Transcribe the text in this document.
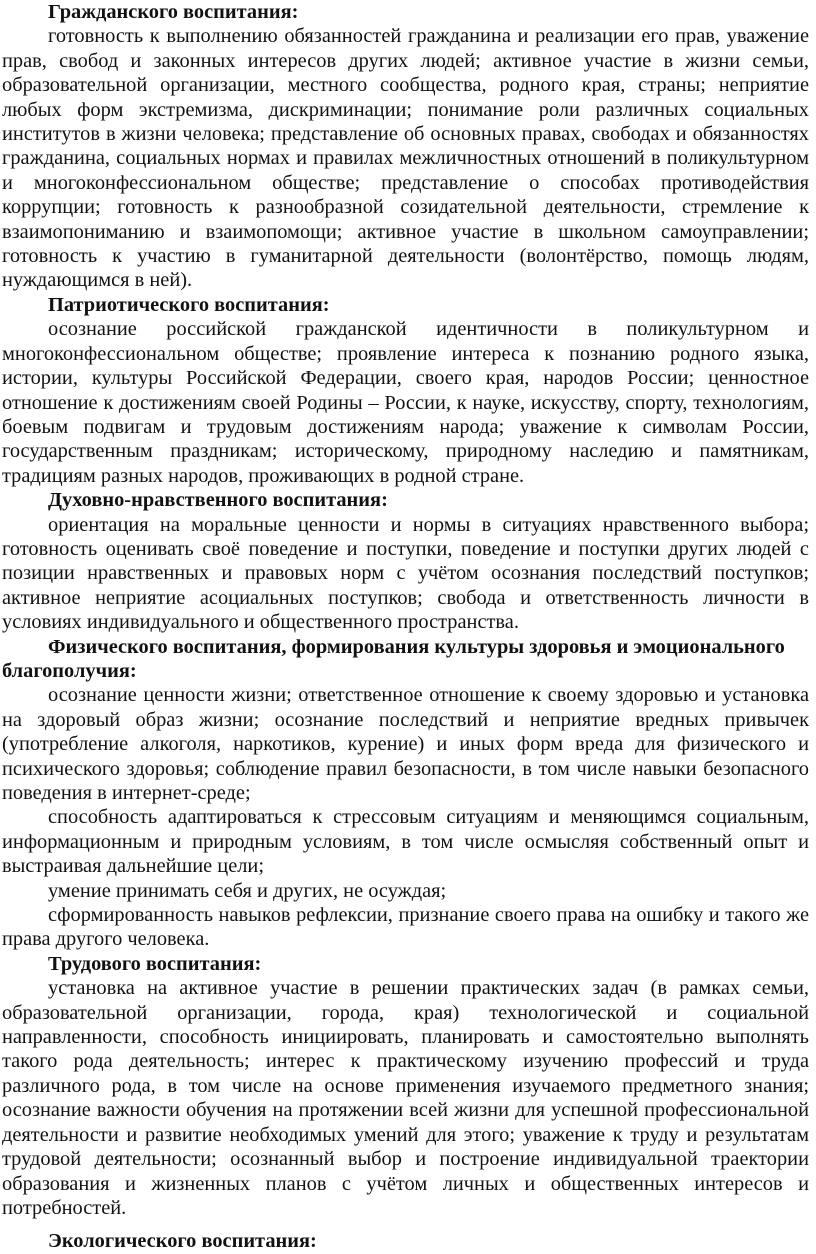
Гражданского воспитания:

готовность к выполнению обязанностей гражданина и реализации его прав, уважение прав, свобод и законных интересов других людей; активное участие в жизни семьи, образовательной организации, местного сообщества, родного края, страны; неприятие любых форм экстремизма, дискриминации; понимание роли различных социальных институтов в жизни человека; представление об основных правах, свободах и обязанностях гражданина, социальных нормах и правилах межличностных отношений в поликультурном и многоконфессиональном обществе; представление о способах противодействия коррупции; готовность к разнообразной созидательной деятельности, стремление к взаимопониманию и взаимопомощи; активное участие в школьном самоуправлении; готовность к участию в гуманитарной деятельности (волонтёрство, помощь людям, нуждающимся в ней).

Патриотического воспитания:

осознание российской гражданской идентичности в поликультурном и многоконфессиональном обществе; проявление интереса к познанию родного языка, истории, культуры Российской Федерации, своего края, народов России; ценностное отношение к достижениям своей Родины – России, к науке, искусству, спорту, технологиям, боевым подвигам и трудовым достижениям народа; уважение к символам России, государственным праздникам; историческому, природному наследию и памятникам, традициям разных народов, проживающих в родной стране.

Духовно-нравственного воспитания:

ориентация на моральные ценности и нормы в ситуациях нравственного выбора; готовность оценивать своё поведение и поступки, поведение и поступки других людей с позиции нравственных и правовых норм с учётом осознания последствий поступков; активное неприятие асоциальных поступков; свобода и ответственность личности в условиях индивидуального и общественного пространства.

Физического воспитания, формирования культуры здоровья и эмоционального благополучия:

осознание ценности жизни; ответственное отношение к своему здоровью и установка на здоровый образ жизни; осознание последствий и неприятие вредных привычек (употребление алкоголя, наркотиков, курение) и иных форм вреда для физического и психического здоровья; соблюдение правил безопасности, в том числе навыки безопасного поведения в интернет-среде;

способность адаптироваться к стрессовым ситуациям и меняющимся социальным, информационным и природным условиям, в том числе осмысляя собственный опыт и выстраивая дальнейшие цели;

умение принимать себя и других, не осуждая;

сформированность навыков рефлексии, признание своего права на ошибку и такого же права другого человека.

Трудового воспитания:

установка на активное участие в решении практических задач (в рамках семьи, образовательной организации, города, края) технологической и социальной направленности, способность инициировать, планировать и самостоятельно выполнять такого рода деятельность; интерес к практическому изучению профессий и труда различного рода, в том числе на основе применения изучаемого предметного знания; осознание важности обучения на протяжении всей жизни для успешной профессиональной деятельности и развитие необходимых умений для этого; уважение к труду и результатам трудовой деятельности; осознанный выбор и построение индивидуальной траектории образования и жизненных планов с учётом личных и общественных интересов и потребностей.

Экологического воспитания:
